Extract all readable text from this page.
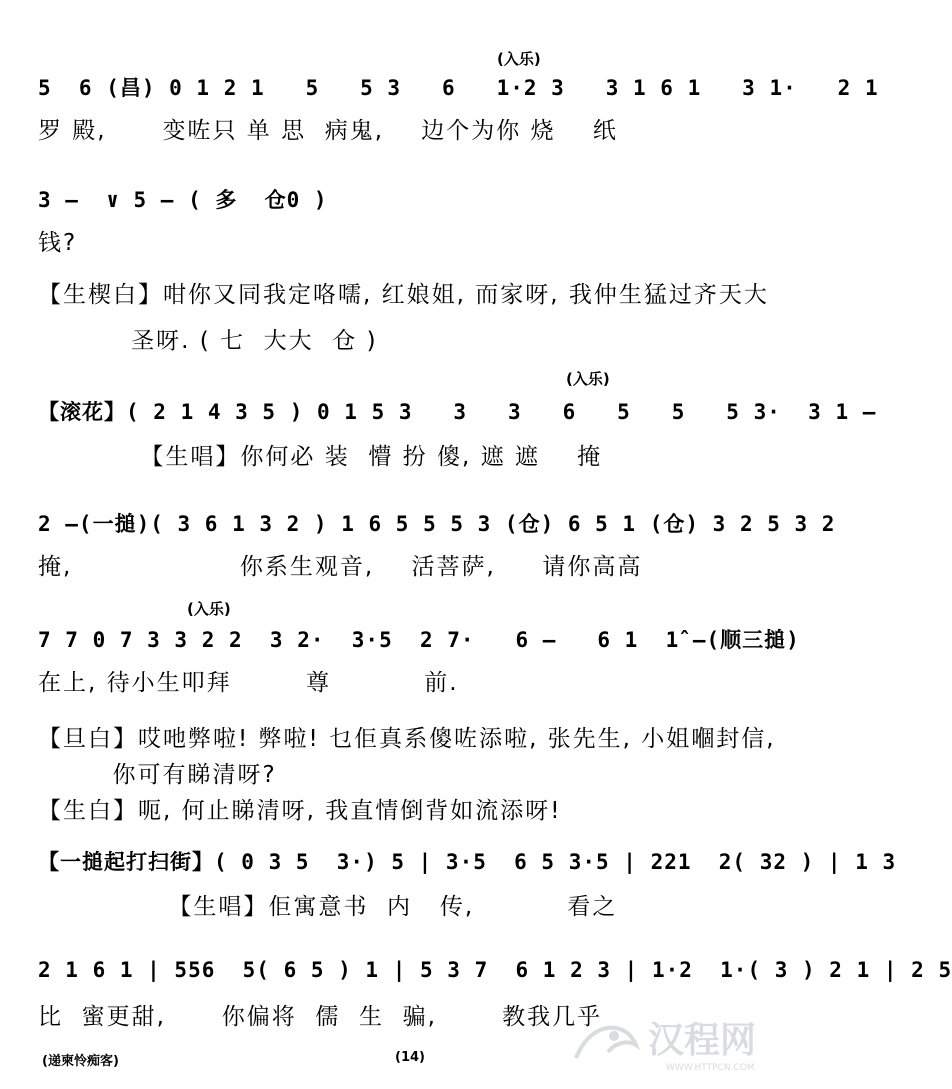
(入乐)
5  6 (昌) 0 1 2 1   5   5 3   6   1·2 3   3 1 6 1   3 1·   2 1
罗 殿,      变咗只 单 思  病鬼,    边个为你 烧    纸
3 –  ∨ 5 – ( 多  仓0 )
钱?
【生楔白】咁你又同我定咯嚅, 红娘姐, 而家呀, 我仲生猛过齐天大
圣呀. ( 七  大大  仓 )
(入乐)
【滚花】( 2 1 4 3 5 ) 0 1 5 3   3   3   6   5   5   5 3·  3 1 –
【生唱】你何必 装  懵 扮 傻, 遮 遮    掩
2 –(一搥)( 3 6 1 3 2 ) 1 6 5 5 5 3 (仓) 6 5 1 (仓) 3 2 5 3 2
掩,                  你系生观音,    活菩萨,     请你高高
(入乐)
7 7 0 7 3 3 2 2  3 2·  3·5  2 7·   6 –   6 1  1̂ –(顺三搥)
在上, 待小生叩拜        尊          前.
【旦白】哎吔弊啦! 弊啦! 乜佢真系傻咗添啦, 张先生, 小姐嗰封信,
你可有睇清呀?
【生白】呃, 何止睇清呀, 我直情倒背如流添呀!
【一搥起打扫街】( 0 3 5  3·) 5 | 3·5  6 5 3·5 | 221  2( 32 ) | 1 3
【生唱】佢寓意书  内   传,          看之
2 1 6 1 | 556  5( 6 5 ) 1 | 5 3 7  6 1 2 3 | 1·2  1·( 3 ) 2 1 | 2 5
比  蜜更甜,      你偏将  儒  生  骗,       教我几乎
(递柬怜痴客)	(14)	汉程网
WWW.HTTPCN.COM
